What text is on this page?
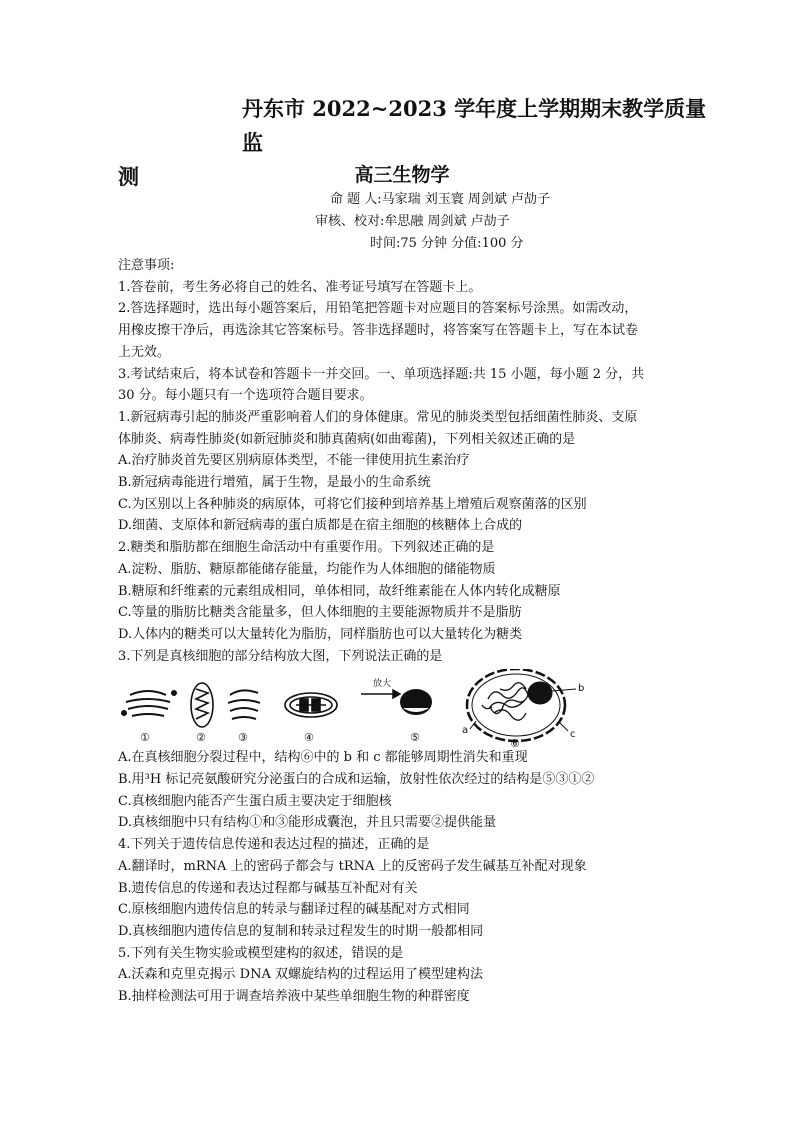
丹东市 2022~2023 学年度上学期期末教学质量监
测	高三生物学
命 题 人:马家瑞 刘玉寰 周剑斌 卢劼子
审核、校对:牟思融 周剑斌 卢劼子
时间:75 分钟 分值:100 分

注意事项:

1.答卷前，考生务必将自己的姓名、准考证号填写在答题卡上。

2.答选择题时，选出每小题答案后，用铅笔把答题卡对应题目的答案标号涂黑。如需改动，

用橡皮擦干净后，再选涂其它答案标号。答非选择题时，将答案写在答题卡上，写在本试卷

上无效。

3.考试结束后，将本试卷和答题卡一并交回。一、单项选择题:共 15 小题，每小题 2 分，共

30 分。每小题只有一个选项符合题目要求。

1.新冠病毒引起的肺炎严重影响着人们的身体健康。常见的肺炎类型包括细菌性肺炎、支原

体肺炎、病毒性肺炎(如新冠肺炎和肺真菌病(如曲霉菌)，下列相关叙述正确的是

A.治疗肺炎首先要区别病原体类型，不能一律使用抗生素治疗

B.新冠病毒能进行增殖，属于生物，是最小的生命系统

C.为区别以上各种肺炎的病原体，可将它们接种到培养基上增殖后观察菌落的区别

D.细菌、支原体和新冠病毒的蛋白质都是在宿主细胞的核糖体上合成的

2.糖类和脂肪都在细胞生命活动中有重要作用。下列叙述正确的是

A.淀粉、脂肪、糖原都能储存能量，均能作为人体细胞的储能物质

B.糖原和纤维素的元素组成相同，单体相同，故纤维素能在人体内转化成糖原

C.等量的脂肪比糖类含能量多，但人体细胞的主要能源物质并不是脂肪

D.人体内的糖类可以大量转化为脂肪，同样脂肪也可以大量转化为糖类

3.下列是真核细胞的部分结构放大图，下列说法正确的是

放大	b
c
a
①	②	③	④	⑤	⑥

A.在真核细胞分裂过程中，结构⑥中的 b 和 c 都能够周期性消失和重现

B.用³H 标记亮氨酸研究分泌蛋白的合成和运输，放射性依次经过的结构是⑤③①②

C.真核细胞内能否产生蛋白质主要决定于细胞核

D.真核细胞中只有结构①和③能形成囊泡，并且只需要②提供能量

4.下列关于遗传信息传递和表达过程的描述，正确的是

A.翻译时，mRNA 上的密码子都会与 tRNA 上的反密码子发生碱基互补配对现象

B.遗传信息的传递和表达过程都与碱基互补配对有关

C.原核细胞内遗传信息的转录与翻译过程的碱基配对方式相同

D.真核细胞内遗传信息的复制和转录过程发生的时期一般都相同

5.下列有关生物实验或模型建构的叙述，错误的是

A.沃森和克里克揭示 DNA 双螺旋结构的过程运用了模型建构法

B.抽样检测法可用于调查培养液中某些单细胞生物的种群密度
